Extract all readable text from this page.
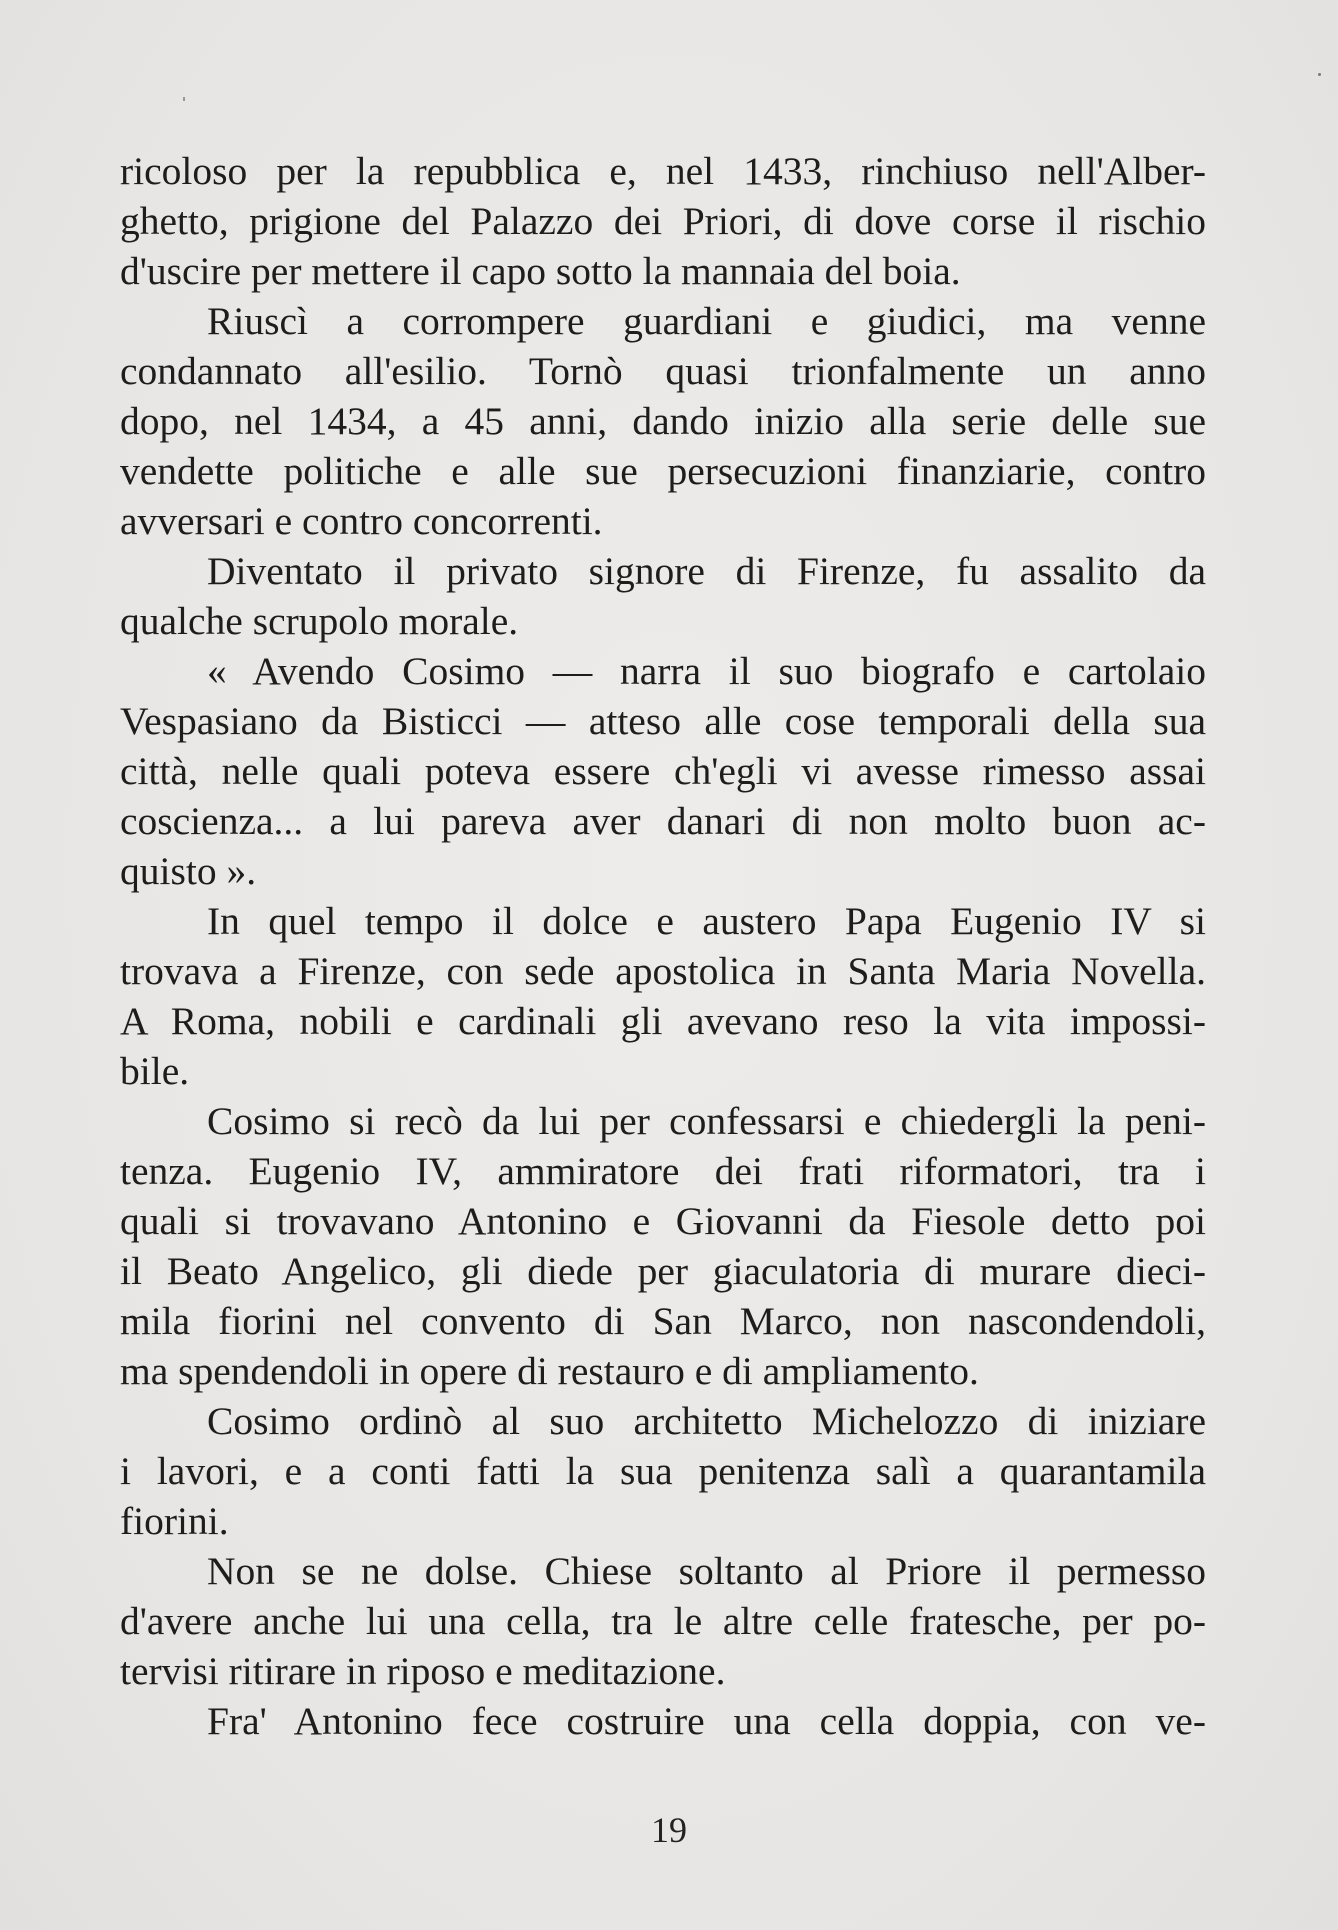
ricoloso per la repubblica e, nel 1433, rinchiuso nell'Alber-
ghetto, prigione del Palazzo dei Priori, di dove corse il rischio
d'uscire per mettere il capo sotto la mannaia del boia.
Riuscì a corrompere guardiani e giudici, ma venne
condannato all'esilio. Tornò quasi trionfalmente un anno
dopo, nel 1434, a 45 anni, dando inizio alla serie delle sue
vendette politiche e alle sue persecuzioni finanziarie, contro
avversari e contro concorrenti.
Diventato il privato signore di Firenze, fu assalito da
qualche scrupolo morale.
« Avendo Cosimo — narra il suo biografo e cartolaio
Vespasiano da Bisticci — atteso alle cose temporali della sua
città, nelle quali poteva essere ch'egli vi avesse rimesso assai
coscienza... a lui pareva aver danari di non molto buon ac-
quisto ».
In quel tempo il dolce e austero Papa Eugenio IV si
trovava a Firenze, con sede apostolica in Santa Maria Novella.
A Roma, nobili e cardinali gli avevano reso la vita impossi-
bile.
Cosimo si recò da lui per confessarsi e chiedergli la peni-
tenza. Eugenio IV, ammiratore dei frati riformatori, tra i
quali si trovavano Antonino e Giovanni da Fiesole detto poi
il Beato Angelico, gli diede per giaculatoria di murare dieci-
mila fiorini nel convento di San Marco, non nascondendoli,
ma spendendoli in opere di restauro e di ampliamento.
Cosimo ordinò al suo architetto Michelozzo di iniziare
i lavori, e a conti fatti la sua penitenza salì a quarantamila
fiorini.
Non se ne dolse. Chiese soltanto al Priore il permesso
d'avere anche lui una cella, tra le altre celle fratesche, per po-
tervisi ritirare in riposo e meditazione.
Fra' Antonino fece costruire una cella doppia, con ve-
19
